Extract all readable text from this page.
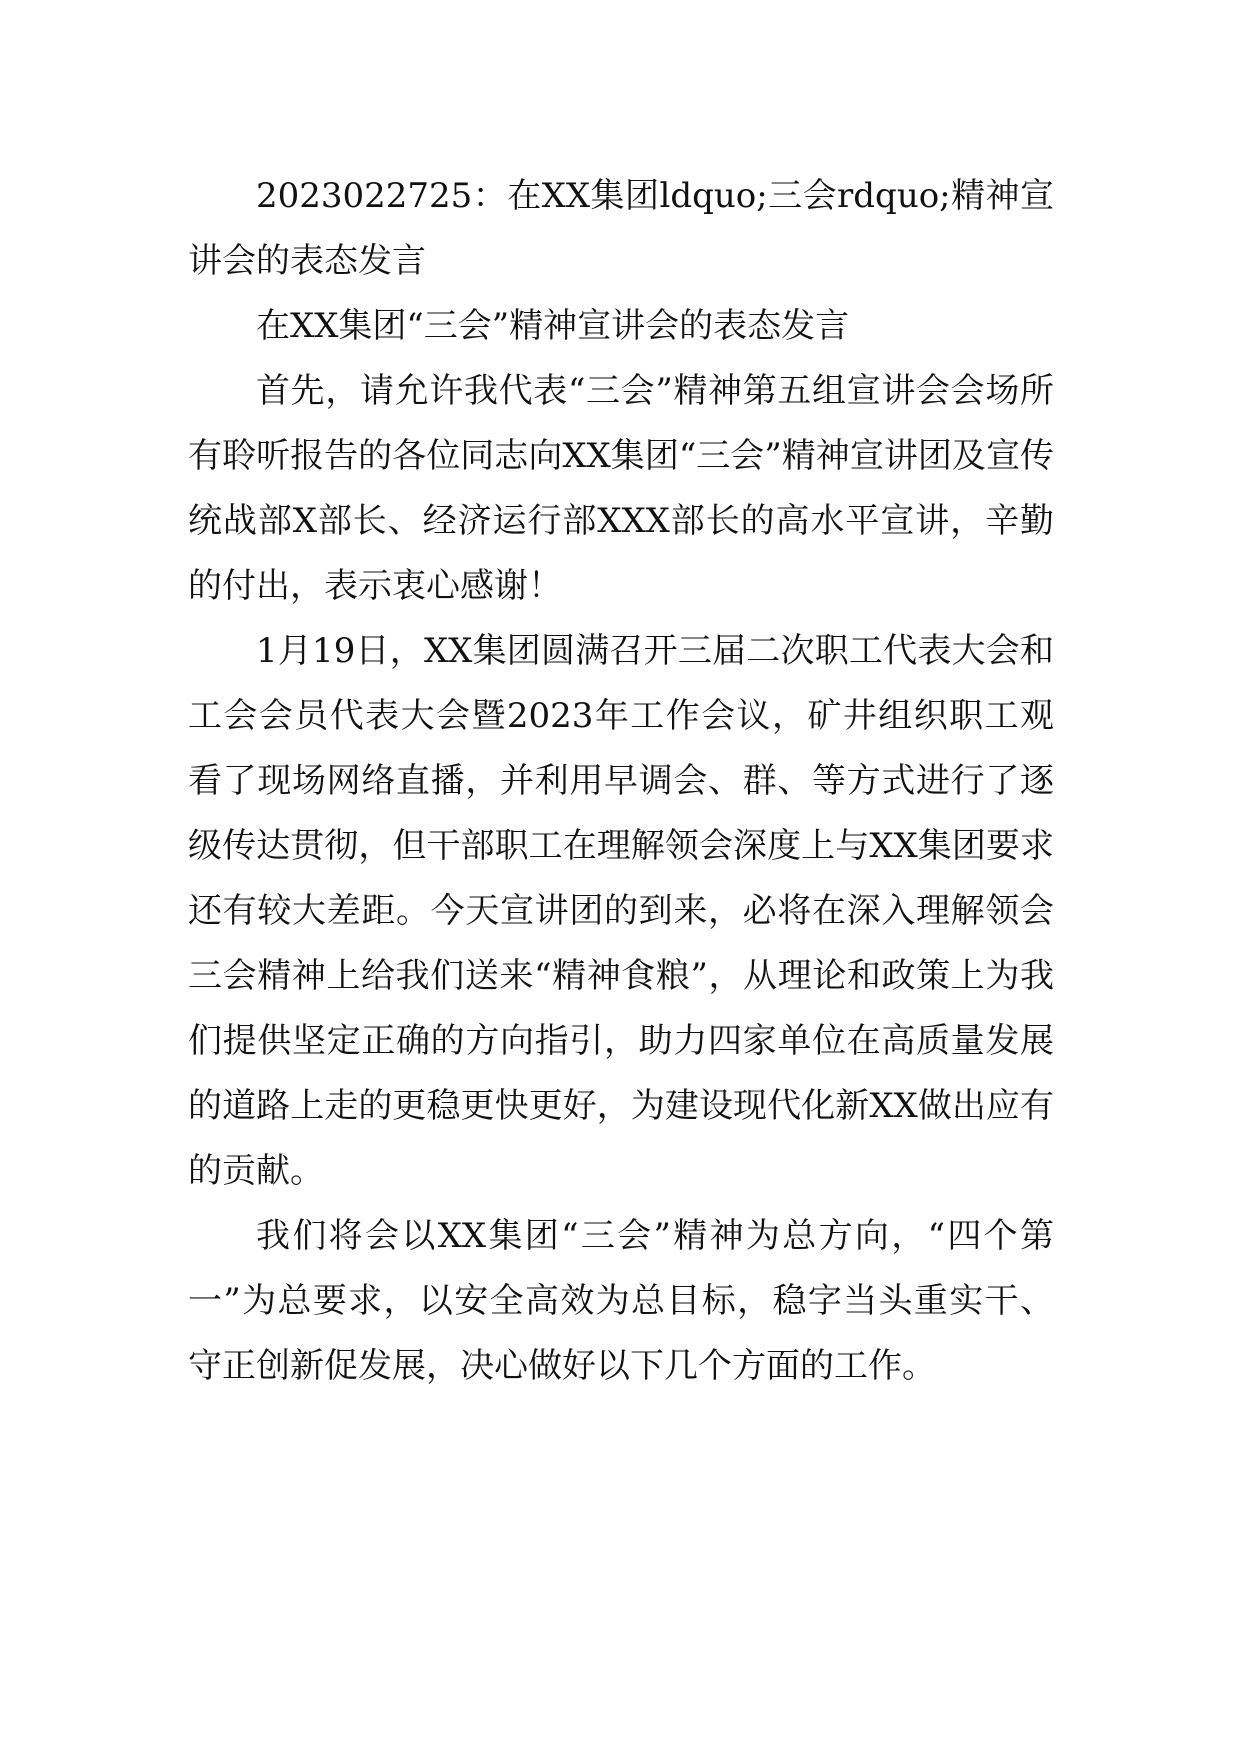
2023022725：在XX集团ldquo;三会rdquo;精神宣讲会的表态发言

在XX集团“三会”精神宣讲会的表态发言

首先，请允许我代表“三会”精神第五组宣讲会会场所有聆听报告的各位同志向XX集团“三会”精神宣讲团及宣传统战部X部长、经济运行部XXX部长的高水平宣讲，辛勤的付出，表示衷心感谢！

1月19日，XX集团圆满召开三届二次职工代表大会和工会会员代表大会暨2023年工作会议，矿井组织职工观看了现场网络直播，并利用早调会、群、等方式进行了逐级传达贯彻，但干部职工在理解领会深度上与XX集团要求还有较大差距。今天宣讲团的到来，必将在深入理解领会三会精神上给我们送来“精神食粮”，从理论和政策上为我们提供坚定正确的方向指引，助力四家单位在高质量发展的道路上走的更稳更快更好，为建设现代化新XX做出应有的贡献。

我们将会以XX集团“三会”精神为总方向，“四个第一”为总要求，以安全高效为总目标，稳字当头重实干、守正创新促发展，决心做好以下几个方面的工作。
